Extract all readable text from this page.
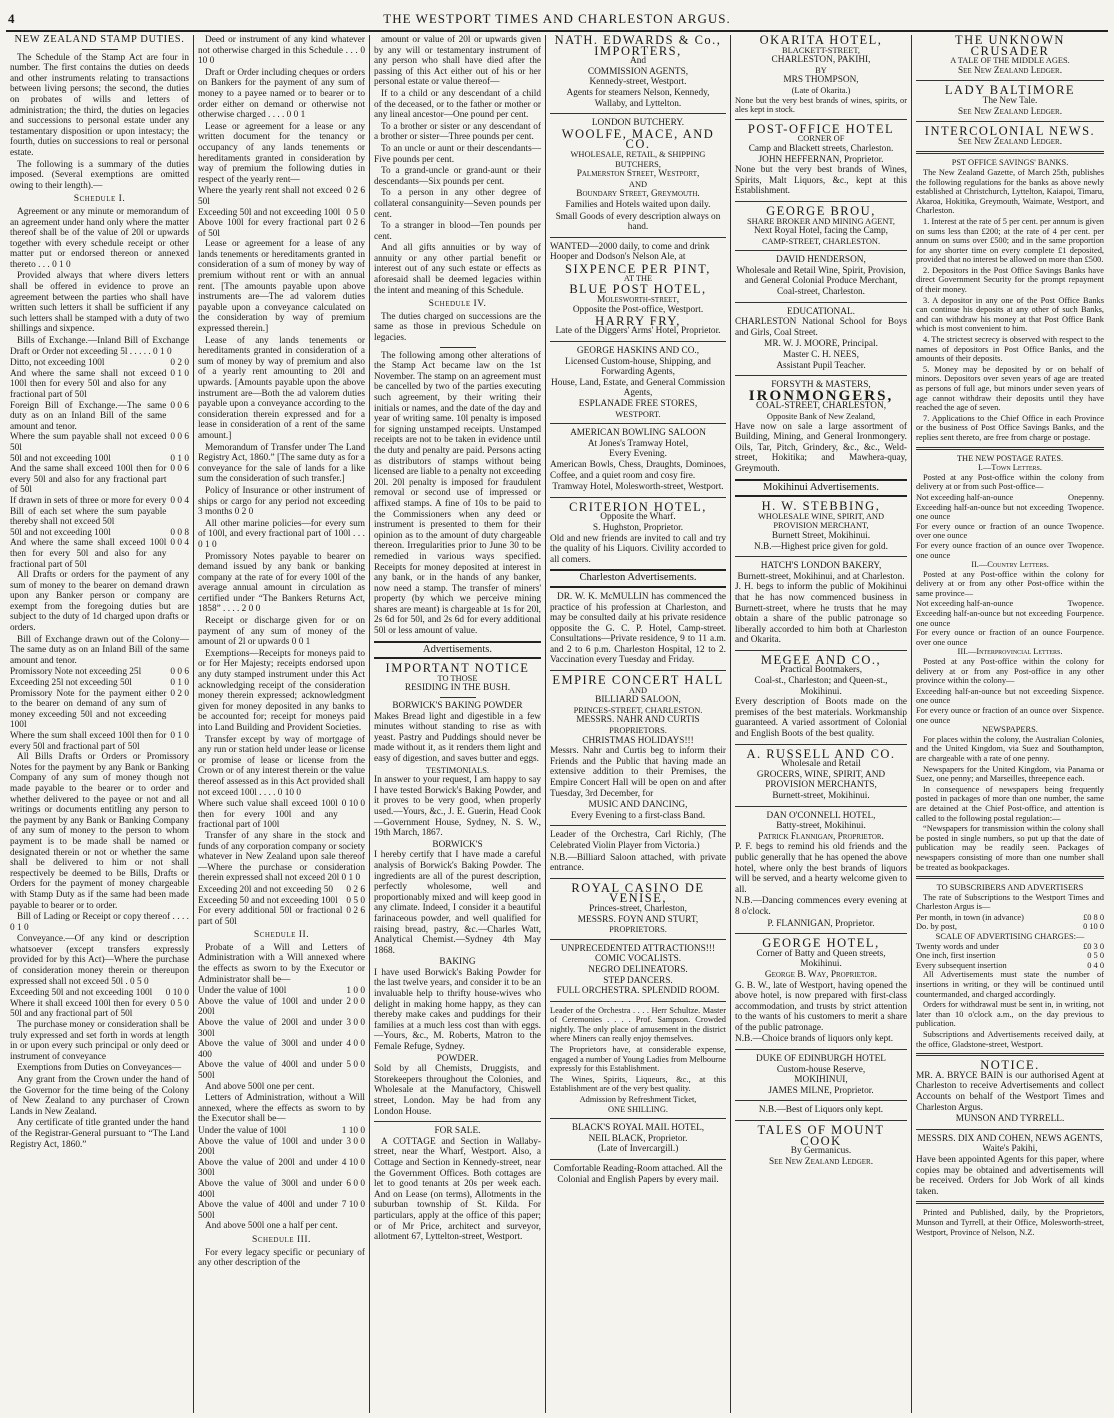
4	THE WESTPORT TIMES AND CHARLESTON ARGUS.
NEW ZEALAND STAMP DUTIES.

The Schedule of the Stamp Act are four in number. The first contains the duties on deeds and other instruments relating to transactions between living persons; the second, the duties on probates of wills and letters of administration; the third, the duties on legacies and successions to personal estate under any testamentary disposition or upon intestacy; the fourth, duties on successions to real or personal estate.

The following is a summary of the duties imposed. (Several exemptions are omitted owing to their length).—

Schedule I.

Agreement or any minute or memorandum of an agreement under hand only where the matter thereof shall be of the value of 20l or upwards together with every schedule receipt or other matter put or endorsed thereon or annexed thereto . . . 0 1 0

Provided always that where divers letters shall be offered in evidence to prove an agreement between the parties who shall have written such letters it shall be sufficient if any such letters shall be stamped with a duty of two shillings and sixpence.

Bills of Exchange.—Inland Bill of Exchange Draft or Order not exceeding 5l . . . . . 0 1 0

Ditto, not exceeding 100l	0 2 0
And where the same shall not exceed 100l then for every 50l and also for any fractional part of 50l
0 1 0
Foreign Bill of Exchange.—The same duty as on an Inland Bill of the same amount and tenor.
0 0 6
Where the sum payable shall not exceed 50l
0 0 6
50l and not exceeding 100l	0 1 0
And the same shall exceed 100l then for every 50l and also for any fractional part of 50l
0 0 6
If drawn in sets of three or more for every Bill of each set where the sum payable thereby shall not exceed 50l
0 0 4
50l and not exceeding 100l	0 0 8
And where the same shall exceed 100l then for every 50l and also for any fractional part of 50l
0 0 4

All Drafts or orders for the payment of any sum of money to the bearer on demand drawn upon any Banker person or company are exempt from the foregoing duties but are subject to the duty of 1d charged upon drafts or orders.

Bill of Exchange drawn out of the Colony—The same duty as on an Inland Bill of the same amount and tenor.

Promissory Note not exceeding 25l	0 0 6
Exceeding 25l not exceeding 50l	0 1 0
Promissory Note for the payment either to the bearer on demand of any sum of money exceeding 50l and not exceeding 100l
0 2 0
Where the sum shall exceed 100l then for every 50l and fractional part of 50l
0 1 0

All Bills Drafts or Orders or Promissory Notes for the payment by any Bank or Banking Company of any sum of money though not made payable to the bearer or to order and whether delivered to the payee or not and all writings or documents entitling any person to the payment by any Bank or Banking Company of any sum of money to the person to whom payment is to be made shall be named or designated therein or not or whether the same shall be delivered to him or not shall respectively be deemed to be Bills, Drafts or Orders for the payment of money chargeable with Stamp Duty as if the same had been made payable to bearer or to order.

Bill of Lading or Receipt or copy thereof . . . . 0 1 0

Conveyance.—Of any kind or description whatsoever (except transfers expressly provided for by this Act)—Where the purchase of consideration money therein or thereupon expressed shall not exceed 50l . 0 5 0

Exceeding 50l and not exceeding 100l	0 10 0
Where it shall exceed 100l then for every 50l and any fractional part of 50l
0 5 0

The purchase money or consideration shall be truly expressed and set forth in words at length in or upon every such principal or only deed or instrument of conveyance

Exemptions from Duties on Conveyances—

Any grant from the Crown under the hand of the Governor for the time being of the Colony of New Zealand to any purchaser of Crown Lands in New Zealand.

Any certificate of title granted under the hand of the Registrar-General pursuant to “The Land Registry Act, 1860.”

Deed or instrument of any kind whatever not otherwise charged in this Schedule . . . 0 10 0

Draft or Order including cheques or orders on Bankers for the payment of any sum of money to a payee named or to bearer or to order either on demand or otherwise not otherwise charged . . . . 0 0 1

Lease or agreement for a lease or any written document for the tenancy or occupancy of any lands tenements or hereditaments granted in consideration by way of premium the following duties in respect of the yearly rent—

Where the yearly rent shall not exceed 50l
0 2 6
Exceeding 50l and not exceeding 100l 0 5 0
Above 100l for every fractional part of 50l
0 2 6

Lease or agreement for a lease of any lands tenements or hereditaments granted in consideration of a sum of money by way of premium without rent or with an annual rent. [The amounts payable upon above instruments are—The ad valorem duties payable upon a conveyance calculated on the consideration by way of premium expressed therein.]

Lease of any lands tenements or hereditaments granted in consideration of a sum of money by way of premium and also of a yearly rent amounting to 20l and upwards. [Amounts payable upon the above instrument are—Both the ad valorem duties payable upon a conveyance according to the consideration therein expressed and for a lease in consideration of a rent of the same amount.]

Memorandum of Transfer under The Land Registry Act, 1860.” [The same duty as for a conveyance for the sale of lands for a like sum the consideration of such transfer.]

Policy of Insurance or other instrument of ships or cargo for any period not exceeding 3 months 0 2 0

All other marine policies—for every sum of 100l, and every fractional part of 100l . . . 0 1 0

Promissory Notes payable to bearer on demand issued by any bank or banking company at the rate of for every 100l of the average annual amount in circulation as certified under “The Bankers Returns Act, 1858” . . . . 2 0 0

Receipt or discharge given for or on payment of any sum of money of the amount of 2l or upwards 0 0 1

Exemptions—Receipts for moneys paid to or for Her Majesty; receipts endorsed upon any duty stamped instrument under this Act acknowledging receipt of the consideration money therein expressed; acknowledgment given for money deposited in any banks to be accounted for; receipt for moneys paid into Land Building and Provident Societies.

Transfer except by way of mortgage of any run or station held under lease or license or promise of lease or license from the Crown or of any interest therein or the value thereof assessed as in this Act provided shall not exceed 100l . . . . 0 10 0

Where such value shall exceed 100l then for every 100l and any fractional part of 100l
0 10 0

Transfer of any share in the stock and funds of any corporation company or society whatever in New Zealand upon sale thereof—Where the purchase or consideration therein expressed shall not exceed 20l 0 1 0

Exceeding 20l and not exceeding 50	0 2 6
Exceeding 50 and not exceeding 100l 0 5 0
For every additional 50l or fractional part of 50l
0 2 6
Schedule II.

Probate of a Will and Letters of Administration with a Will annexed where the effects as sworn to by the Executor or Administrator shall be—

Under the value of 100l	1 0 0
Above the value of 100l and under 200l
2 0 0
Above the value of 200l and under 300l
3 0 0
Above the value of 300l and under 400
4 0 0
Above the value of 400l and under 500l
5 0 0

And above 500l one per cent.

Letters of Administration, without a Will annexed, where the effects as sworn to by the Executor shall be—

Under the value of 100l	1 10 0
Above the value of 100l and under 200l
3 0 0
Above the value of 200l and under 300l
4 10 0
Above the value of 300l and under 400l
6 0 0
Above the value of 400l and under 500l
7 10 0

And above 500l one a half per cent.

Schedule III.

For every legacy specific or pecuniary of any other description of the

amount or value of 20l or upwards given by any will or testamentary instrument of any person who shall have died after the passing of this Act either out of his or her personal estate or value thereof—

If to a child or any descendant of a child of the deceased, or to the father or mother or any lineal ancestor—One pound per cent.

To a brother or sister or any descendant of a brother or sister—Three pounds per cent.

To an uncle or aunt or their descendants—Five pounds per cent.

To a grand-uncle or grand-aunt or their descendants—Six pounds per cent.

To a person in any other degree of collateral consanguinity—Seven pounds per cent.

To a stranger in blood—Ten pounds per cent.

And all gifts annuities or by way of annuity or any other partial benefit or interest out of any such estate or effects as aforesaid shall be deemed legacies within the intent and meaning of this Schedule.

Schedule IV.

The duties charged on successions are the same as those in previous Schedule on legacies.

The following among other alterations of the Stamp Act became law on the 1st November. The stamp on an agreement must be cancelled by two of the parties executing such agreement, by their writing their initials or names, and the date of the day and year of writing same. 10l penalty is imposed for signing unstamped receipts. Unstamped receipts are not to be taken in evidence until the duty and penalty are paid. Persons acting as distributors of stamps without being licensed are liable to a penalty not exceeding 20l. 20l penalty is imposed for fraudulent removal or second use of impressed or affixed stamps. A fine of 10s to be paid to the Commissioners when any deed or instrument is presented to them for their opinion as to the amount of duty chargeable thereon. Irregularities prior to June 30 to be remedied in various ways specified. Receipts for money deposited at interest in any bank, or in the hands of any banker, now need a stamp. The transfer of miners' property (by which we perceive mining shares are meant) is chargeable at 1s for 20l, 2s 6d for 50l, and 2s 6d for every additional 50l or less amount of value.

Advertisements.
IMPORTANT NOTICE
TO THOSE
RESIDING IN THE BUSH.
BORWICK'S BAKING POWDER

Makes Bread light and digestible in a few minutes without standing to rise as with yeast. Pastry and Puddings should never be made without it, as it renders them light and easy of digestion, and saves butter and eggs.

TESTIMONIALS.

In answer to your request, I am happy to say I have tested Borwick's Baking Powder, and it proves to be very good, when properly used.—Yours, &c., J. E. Guerin, Head Cook—Government House, Sydney, N. S. W., 19th March, 1867.

BORWICK'S

I hereby certify that I have made a careful analysis of Borwick's Baking Powder. The ingredients are all of the purest description, perfectly wholesome, well and proportionably mixed and will keep good in any climate. Indeed, I consider it a beautiful farinaceous powder, and well qualified for raising bread, pastry, &c.—Charles Watt, Analytical Chemist.—Sydney 4th May 1868.

BAKING

I have used Borwick's Baking Powder for the last twelve years, and consider it to be an invaluable help to thrifty house-wives who delight in making home happy, as they can thereby make cakes and puddings for their families at a much less cost than with eggs.—Yours, &c., M. Roberts, Matron to the Female Refuge, Sydney.

POWDER.

Sold by all Chemists, Druggists, and Storekeepers throughout the Colonies, and Wholesale at the Manufactory, Chiswell street, London. May be had from any London House.

FOR SALE.

A COTTAGE and Section in Wallaby-street, near the Wharf, Westport. Also, a Cottage and Section in Kennedy-street, near the Government Offices. Both cottages are let to good tenants at 20s per week each. And on Lease (on terms), Allotments in the suburban township of St. Kilda. For particulars, apply at the office of this paper; or of Mr Price, architect and surveyor, allotment 67, Lyttelton-street, Westport.

NATH. EDWARDS & Co., IMPORTERS,
And
COMMISSION AGENTS,
Kennedy-street, Westport.

Agents for steamers Nelson, Kennedy, Wallaby, and Lyttelton.

LONDON BUTCHERY.
WOOLFE, MACE, AND CO.
WHOLESALE, RETAIL, & SHIPPING BUTCHERS,
Palmerston Street, Westport,
AND
Boundary Street, Greymouth.

Families and Hotels waited upon daily.

Small Goods of every description always on hand.

WANTED—2000 daily, to come and drink Hooper and Dodson's Nelson Ale, at

SIXPENCE PER PINT,
AT THE
BLUE POST HOTEL,
Molesworth-street,
Opposite the Post-office, Westport.
HARRY FRY,
Late of the Diggers' Arms' Hotel, Proprietor.
GEORGE HASKINS AND CO.,
Licensed Custom-house, Shipping, and Forwarding Agents,
House, Land, Estate, and General Commission Agents,
ESPLANADE FREE STORES,
WESTPORT.
AMERICAN BOWLING SALOON
At Jones's Tramway Hotel,
Every Evening.

American Bowls, Chess, Draughts, Dominoes, Coffee, and a quiet room and cosy fire.

Tramway Hotel, Molesworth-street, Westport.
CRITERION HOTEL,
Opposite the Wharf.
S. Hughston, Proprietor.

Old and new friends are invited to call and try the quality of his Liquors. Civility accorded to all comers.

Charleston Advertisements.

DR. W. K. McMULLIN has commenced the practice of his profession at Charleston, and may be consulted daily at his private residence opposite the G. C. P. Hotel, Camp-street. Consultations—Private residence, 9 to 11 a.m. and 2 to 6 p.m. Charleston Hospital, 12 to 2. Vaccination every Tuesday and Friday.

EMPIRE CONCERT HALL
AND
BILLIARD SALOON,
PRINCES-STREET, CHARLESTON.
MESSRS. NAHR AND CURTIS
PROPRIETORS.
CHRISTMAS HOLIDAYS!!!

Messrs. Nahr and Curtis beg to inform their Friends and the Public that having made an extensive addition to their Premises, the Empire Concert Hall will be open on and after Tuesday, 3rd December, for

MUSIC AND DANCING,
Every Evening to a first-class Band.

Leader of the Orchestra, Carl Richly, (The Celebrated Violin Player from Victoria.)

N.B.—Billiard Saloon attached, with private entrance.

ROYAL CASINO DE VENISE,
Princes-street, Charleston,
MESSRS. FOYN AND STURT,
PROPRIETORS.
UNPRECEDENTED ATTRACTIONS!!!
COMIC VOCALISTS.
NEGRO DELINEATORS.
STEP DANCERS.
FULL ORCHESTRA. SPLENDID ROOM.

Leader of the Orchestra . . . . Herr Schultze. Master of Ceremonies . . . . Prof. Sampson. Crowded nightly. The only place of amusement in the district where Miners can really enjoy themselves.

The Proprietors have, at considerable expense, engaged a number of Young Ladies from Melbourne expressly for this Establishment.

The Wines, Spirits, Liqueurs, &c., at this Establishment are of the very best quality.

Admission by Refreshment Ticket,
ONE SHILLING.
BLACK'S ROYAL MAIL HOTEL,
NEIL BLACK, Proprietor.
(Late of Invercargill.)

Comfortable Reading-Room attached. All the Colonial and English Papers by every mail.

OKARITA HOTEL,
BLACKETT-STREET,
CHARLESTON, PAKIHI,
BY
MRS THOMPSON,
(Late of Okarita.)

None but the very best brands of wines, spirits, or ales kept in stock.

POST-OFFICE HOTEL
CORNER OF
Camp and Blackett streets, Charleston.
JOHN HEFFERNAN, Proprietor.

None but the very best brands of Wines, Spirits, Malt Liquors, &c., kept at this Establishment.

GEORGE BROU,
SHARE BROKER AND MINING AGENT,
Next Royal Hotel, facing the Camp,
CAMP-STREET, CHARLESTON.
DAVID HENDERSON,
Wholesale and Retail Wine, Spirit, Provision, and General Colonial Produce Merchant,
Coal-street, Charleston.
EDUCATIONAL.

CHARLESTON National School for Boys and Girls, Coal Street.

MR. W. J. MOORE, Principal.
Master C. H. NEES,
Assistant Pupil Teacher.
FORSYTH & MASTERS,
IRONMONGERS,
COAL-STREET, CHARLESTON,
Opposite Bank of New Zealand,

Have now on sale a large assortment of Building, Mining, and General Ironmongery. Oils, Tar, Pitch, Grindery, &c., &c., Weld-street, Hokitika; and Mawhera-quay, Greymouth.

Mokihinui Advertisements.
H. W. STEBBING,
WHOLESALE WINE, SPIRIT, AND PROVISION MERCHANT,
Burnett Street, Mokihinui.
N.B.—Highest price given for gold.
HATCH'S LONDON BAKERY,
Burnett-street, Mokihinui, and at Charleston.

J. H. begs to inform the public of Mokihinui that he has now commenced business in Burnett-street, where he trusts that he may obtain a share of the public patronage so liberally accorded to him both at Charleston and Okarita.

MEGEE AND CO.,
Practical Bootmakers,
Coal-st., Charleston; and Queen-st., Mokihinui.

Every description of Boots made on the premises of the best materials. Workmanship guaranteed. A varied assortment of Colonial and English Boots of the best quality.

A. RUSSELL AND CO.
Wholesale and Retail
GROCERS, WINE, SPIRIT, AND PROVISION MERCHANTS,
Burnett-street, Mokihinui.
DAN O'CONNELL HOTEL,
Batty-street, Mokihinui.
Patrick Flannigan, Proprietor.

P. F. begs to remind his old friends and the public generally that he has opened the above hotel, where only the best brands of liquors will be served, and a hearty welcome given to all.

N.B.—Dancing commences every evening at 8 o'clock.

P. FLANNIGAN, Proprietor.
GEORGE HOTEL,
Corner of Batty and Queen streets, Mokihinui.
George B. Way, Proprietor.

G. B. W., late of Westport, having opened the above hotel, is now prepared with first-class accommodation, and trusts by strict attention to the wants of his customers to merit a share of the public patronage.

N.B.—Choice brands of liquors only kept.

DUKE OF EDINBURGH HOTEL
Custom-house Reserve,
MOKIHINUI,
JAMES MILNE, Proprietor.
N.B.—Best of Liquors only kept.
TALES OF MOUNT COOK
By Germanicus.
See New Zealand Ledger.
THE UNKNOWN CRUSADER
A TALE OF THE MIDDLE AGES.
See New Zealand Ledger.
LADY BALTIMORE
The New Tale.
See New Zealand Ledger.
INTERCOLONIAL NEWS.
See New Zealand Ledger.
PST OFFICE SAVINGS' BANKS.

The New Zealand Gazette, of March 25th, publishes the following regulations for the banks as above newly established at Christchurch, Lyttelton, Kaiapoi, Timaru, Akaroa, Hokitika, Greymouth, Waimate, Westport, and Charleston.

1. Interest at the rate of 5 per cent. per annum is given on sums less than £200; at the rate of 4 per cent. per annum on sums over £500; and in the same proportion for any shorter time on every complete £1 deposited, provided that no interest be allowed on more than £500.

2. Depositors in the Post Office Savings Banks have direct Government Security for the prompt repayment of their money.

3. A depositor in any one of the Post Office Banks can continue his deposits at any other of such Banks, and can withdraw his money at that Post Office Bank which is most convenient to him.

4. The strictest secrecy is observed with respect to the names of depositors in Post Office Banks, and the amounts of their deposits.

5. Money may be deposited by or on behalf of minors. Depositors over seven years of age are treated as persons of full age, but minors under seven years of age cannot withdraw their deposits until they have reached the age of seven.

7. Applications to the Chief Office in each Province or the business of Post Office Savings Banks, and the replies sent thereto, are free from charge or postage.

THE NEW POSTAGE RATES.
I.—Town Letters.

Posted at any Post-office within the colony from delivery at or from such Post-office—

Not exceeding half-an-ounce	Onepenny.
Exceeding half-an-ounce but not exceeding one ounce
Twopence.
For every ounce or fraction of an ounce over one ounce
Twopence.
For every ounce fraction of an ounce over one ounce
Twopence.
II.—Country Letters.

Posted at any Post-office within the colony for delivery at or from any other Post-office within the same province—

Not exceeding half-an-ounce	Twopence.
Exceeding half-an-ounce but not exceeding one ounce
Fourpence.
For every ounce or fraction of an ounce over one ounce
Fourpence.
III.—Interprovincial Letters.

Posted at any Post-office within the colony for delivery at or from any Post-office in any other province within the colony—

Exceeding half-an-ounce but not exceeding one ounce
Sixpence.
For every ounce or fraction of an ounce over one ounce
Sixpence.
NEWSPAPERS.

For places within the colony, the Australian Colonies, and the United Kingdom, via Suez and Southampton, are chargeable with a rate of one penny.

Newspapers for the United Kingdom, via Panama or Suez, one penny; and Marseilles, threepence each.

In consequence of newspapers being frequently posted in packages of more than one number, the same are detained at the Chief Post-office, and attention is called to the following postal regulation:—

“Newspapers for transmission within the colony shall be posted in single numbers, so put up that the date of publication may be readily seen. Packages of newspapers consisting of more than one number shall be treated as bookpackages.

TO SUBSCRIBERS AND ADVERTISERS

The rate of Subscriptions to the Westport Times and Charleston Argus is—

Per month, in town (in advance)	£0 8 0
Do. by post,	0 10 0
SCALE OF ADVERTISING CHARGES:—
Twenty words and under	£0 3 0
One inch, first insertion	0 5 0
Every subsequent insertion	0 4 0

All Advertisements must state the number of insertions in writing, or they will be continued until countermanded, and charged accordingly.

Orders for withdrawal must be sent in, in writing, not later than 10 o'clock a.m., on the day previous to publication.

Subscriptions and Advertisements received daily, at the office, Gladstone-street, Westport.

NOTICE.

MR. A. BRYCE BAIN is our authorised Agent at Charleston to receive Advertisements and collect Accounts on behalf of the Westport Times and Charleston Argus.

MUNSON AND TYRRELL.
MESSRS. DIX AND COHEN, NEWS AGENTS,
Waite's Pakihi,

Have been appointed Agents for this paper, where copies may be obtained and advertisements will be received. Orders for Job Work of all kinds taken.

Printed and Published, daily, by the Proprietors, Munson and Tyrrell, at their Office, Molesworth-street, Westport, Province of Nelson, N.Z.
